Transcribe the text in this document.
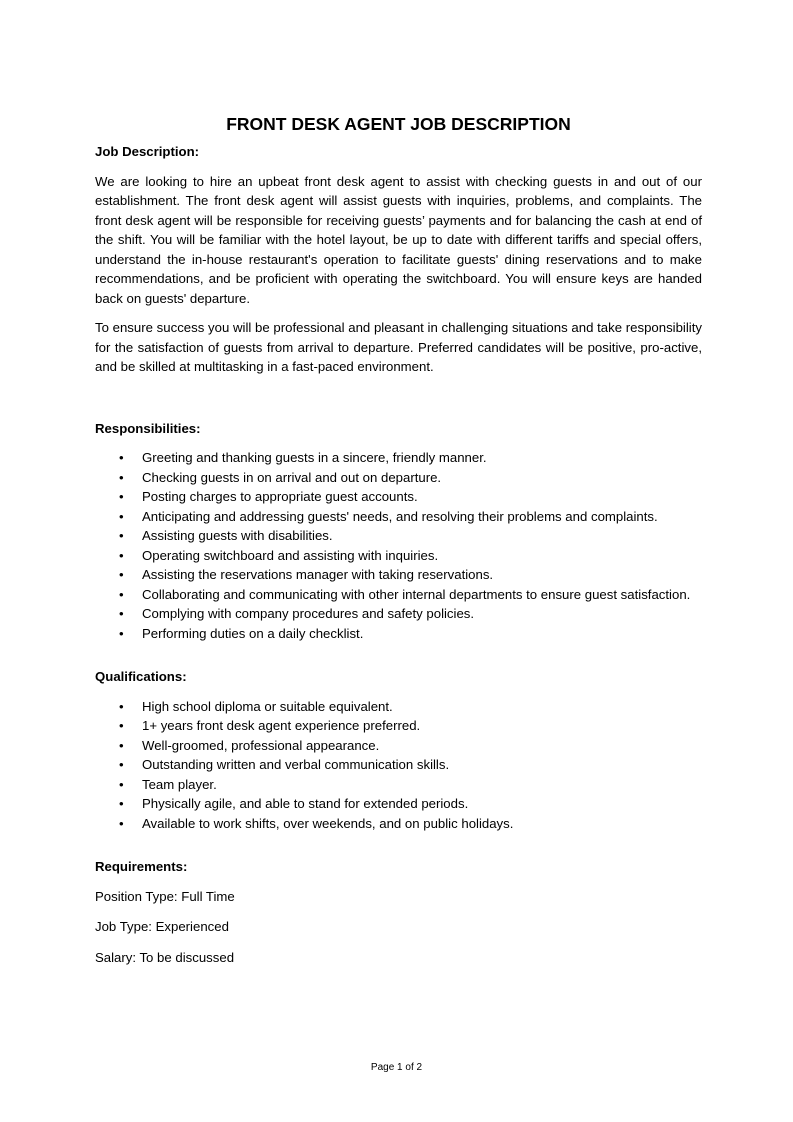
FRONT DESK AGENT JOB DESCRIPTION
Job Description:

We are looking to hire an upbeat front desk agent to assist with checking guests in and out of our establishment. The front desk agent will assist guests with inquiries, problems, and complaints. The front desk agent will be responsible for receiving guests’ payments and for balancing the cash at end of the shift. You will be familiar with the hotel layout, be up to date with different tariffs and special offers, understand the in-house restaurant's operation to facilitate guests' dining reservations and to make recommendations, and be proficient with operating the switchboard. You will ensure keys are handed back on guests' departure.

To ensure success you will be professional and pleasant in challenging situations and take responsibility for the satisfaction of guests from arrival to departure. Preferred candidates will be positive, pro-active, and be skilled at multitasking in a fast-paced environment.

Responsibilities:
• Greeting and thanking guests in a sincere, friendly manner.
• Checking guests in on arrival and out on departure.
• Posting charges to appropriate guest accounts.
• Anticipating and addressing guests' needs, and resolving their problems and complaints.
• Assisting guests with disabilities.
• Operating switchboard and assisting with inquiries.
• Assisting the reservations manager with taking reservations.
• Collaborating and communicating with other internal departments to ensure guest satisfaction.
• Complying with company procedures and safety policies.
• Performing duties on a daily checklist.
Qualifications:
• High school diploma or suitable equivalent.
• 1+ years front desk agent experience preferred.
• Well-groomed, professional appearance.
• Outstanding written and verbal communication skills.
• Team player.
• Physically agile, and able to stand for extended periods.
• Available to work shifts, over weekends, and on public holidays.
Requirements:
Position Type: Full Time
Job Type: Experienced
Salary: To be discussed
Page 1 of 2
